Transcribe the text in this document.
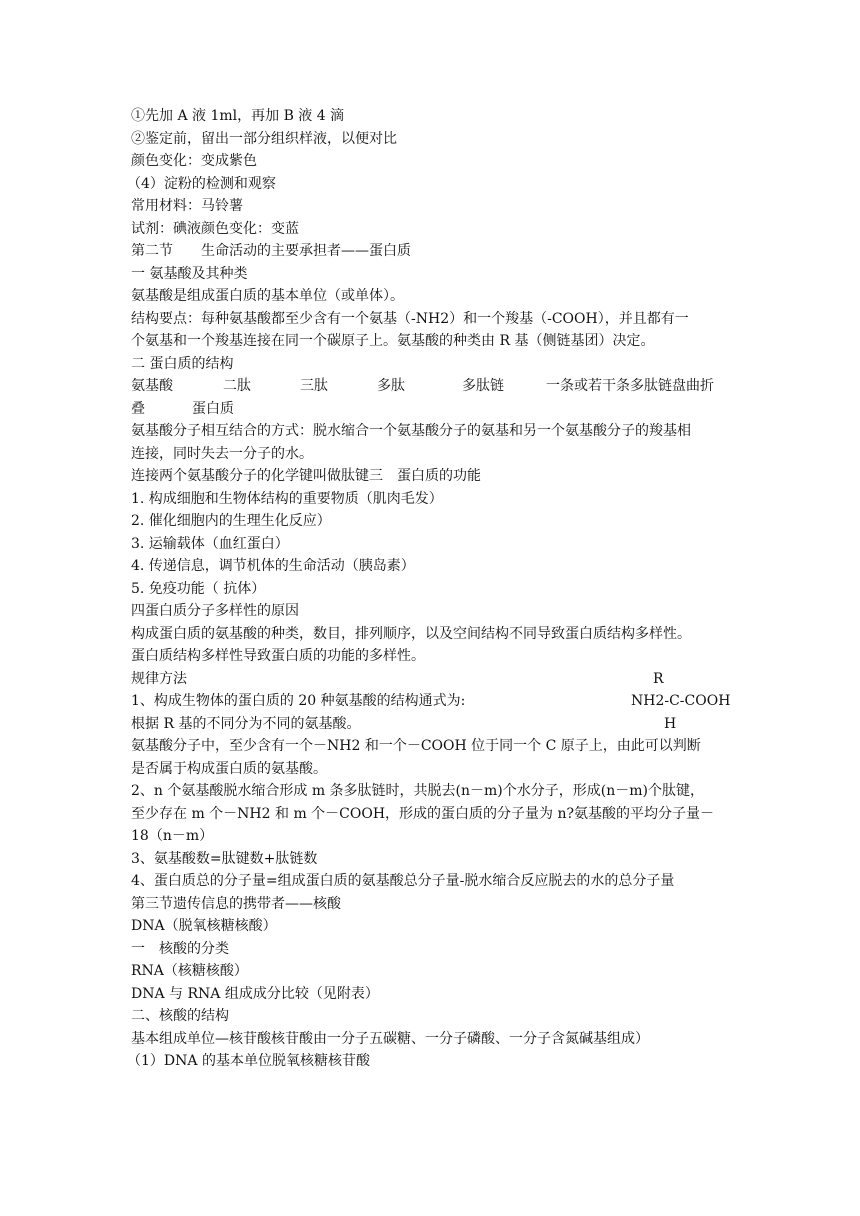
①先加 A 液 1ml，再加 B 液 4 滴
②鉴定前，留出一部分组织样液，以便对比
颜色变化：变成紫色
（4）淀粉的检测和观察
常用材料：马铃薯
试剂：碘液颜色变化：变蓝
第二节　　生命活动的主要承担者——蛋白质
一 氨基酸及其种类
氨基酸是组成蛋白质的基本单位（或单体）。
结构要点：每种氨基酸都至少含有一个氨基（-NH2）和一个羧基（-COOH），并且都有一
个氨基和一个羧基连接在同一个碳原子上。氨基酸的种类由 R 基（侧链基团）决定。
二 蛋白质的结构
氨基酸	二肽	三肽	多肽	多肽链	一条或若干条多肽链盘曲折
叠	蛋白质
氨基酸分子相互结合的方式：脱水缩合一个氨基酸分子的氨基和另一个氨基酸分子的羧基相
连接，同时失去一分子的水。
连接两个氨基酸分子的化学键叫做肽键三　蛋白质的功能
1. 构成细胞和生物体结构的重要物质（肌肉毛发）
2. 催化细胞内的生理生化反应）
3. 运输载体（血红蛋白）
4. 传递信息，调节机体的生命活动（胰岛素）
5. 免疫功能（ 抗体）
四蛋白质分子多样性的原因
构成蛋白质的氨基酸的种类，数目，排列顺序，以及空间结构不同导致蛋白质结构多样性。
蛋白质结构多样性导致蛋白质的功能的多样性。
规律方法	R
1、构成生物体的蛋白质的 20 种氨基酸的结构通式为:	NH2-C-COOH
根据 R 基的不同分为不同的氨基酸。	H
氨基酸分子中，至少含有一个－NH2 和一个－COOH 位于同一个 C 原子上，由此可以判断
是否属于构成蛋白质的氨基酸。
2、n 个氨基酸脱水缩合形成 m 条多肽链时，共脱去(n－m)个水分子，形成(n－m)个肽键，
至少存在 m 个－NH2 和 m 个－COOH，形成的蛋白质的分子量为 n?氨基酸的平均分子量－
18（n－m）
3、氨基酸数=肽键数+肽链数
4、蛋白质总的分子量=组成蛋白质的氨基酸总分子量-脱水缩合反应脱去的水的总分子量
第三节遗传信息的携带者——核酸
DNA（脱氧核糖核酸）
一　核酸的分类
RNA（核糖核酸）
DNA 与 RNA 组成成分比较（见附表）
二、核酸的结构
基本组成单位—核苷酸核苷酸由一分子五碳糖、一分子磷酸、一分子含氮碱基组成）
（1）DNA 的基本单位脱氧核糖核苷酸
